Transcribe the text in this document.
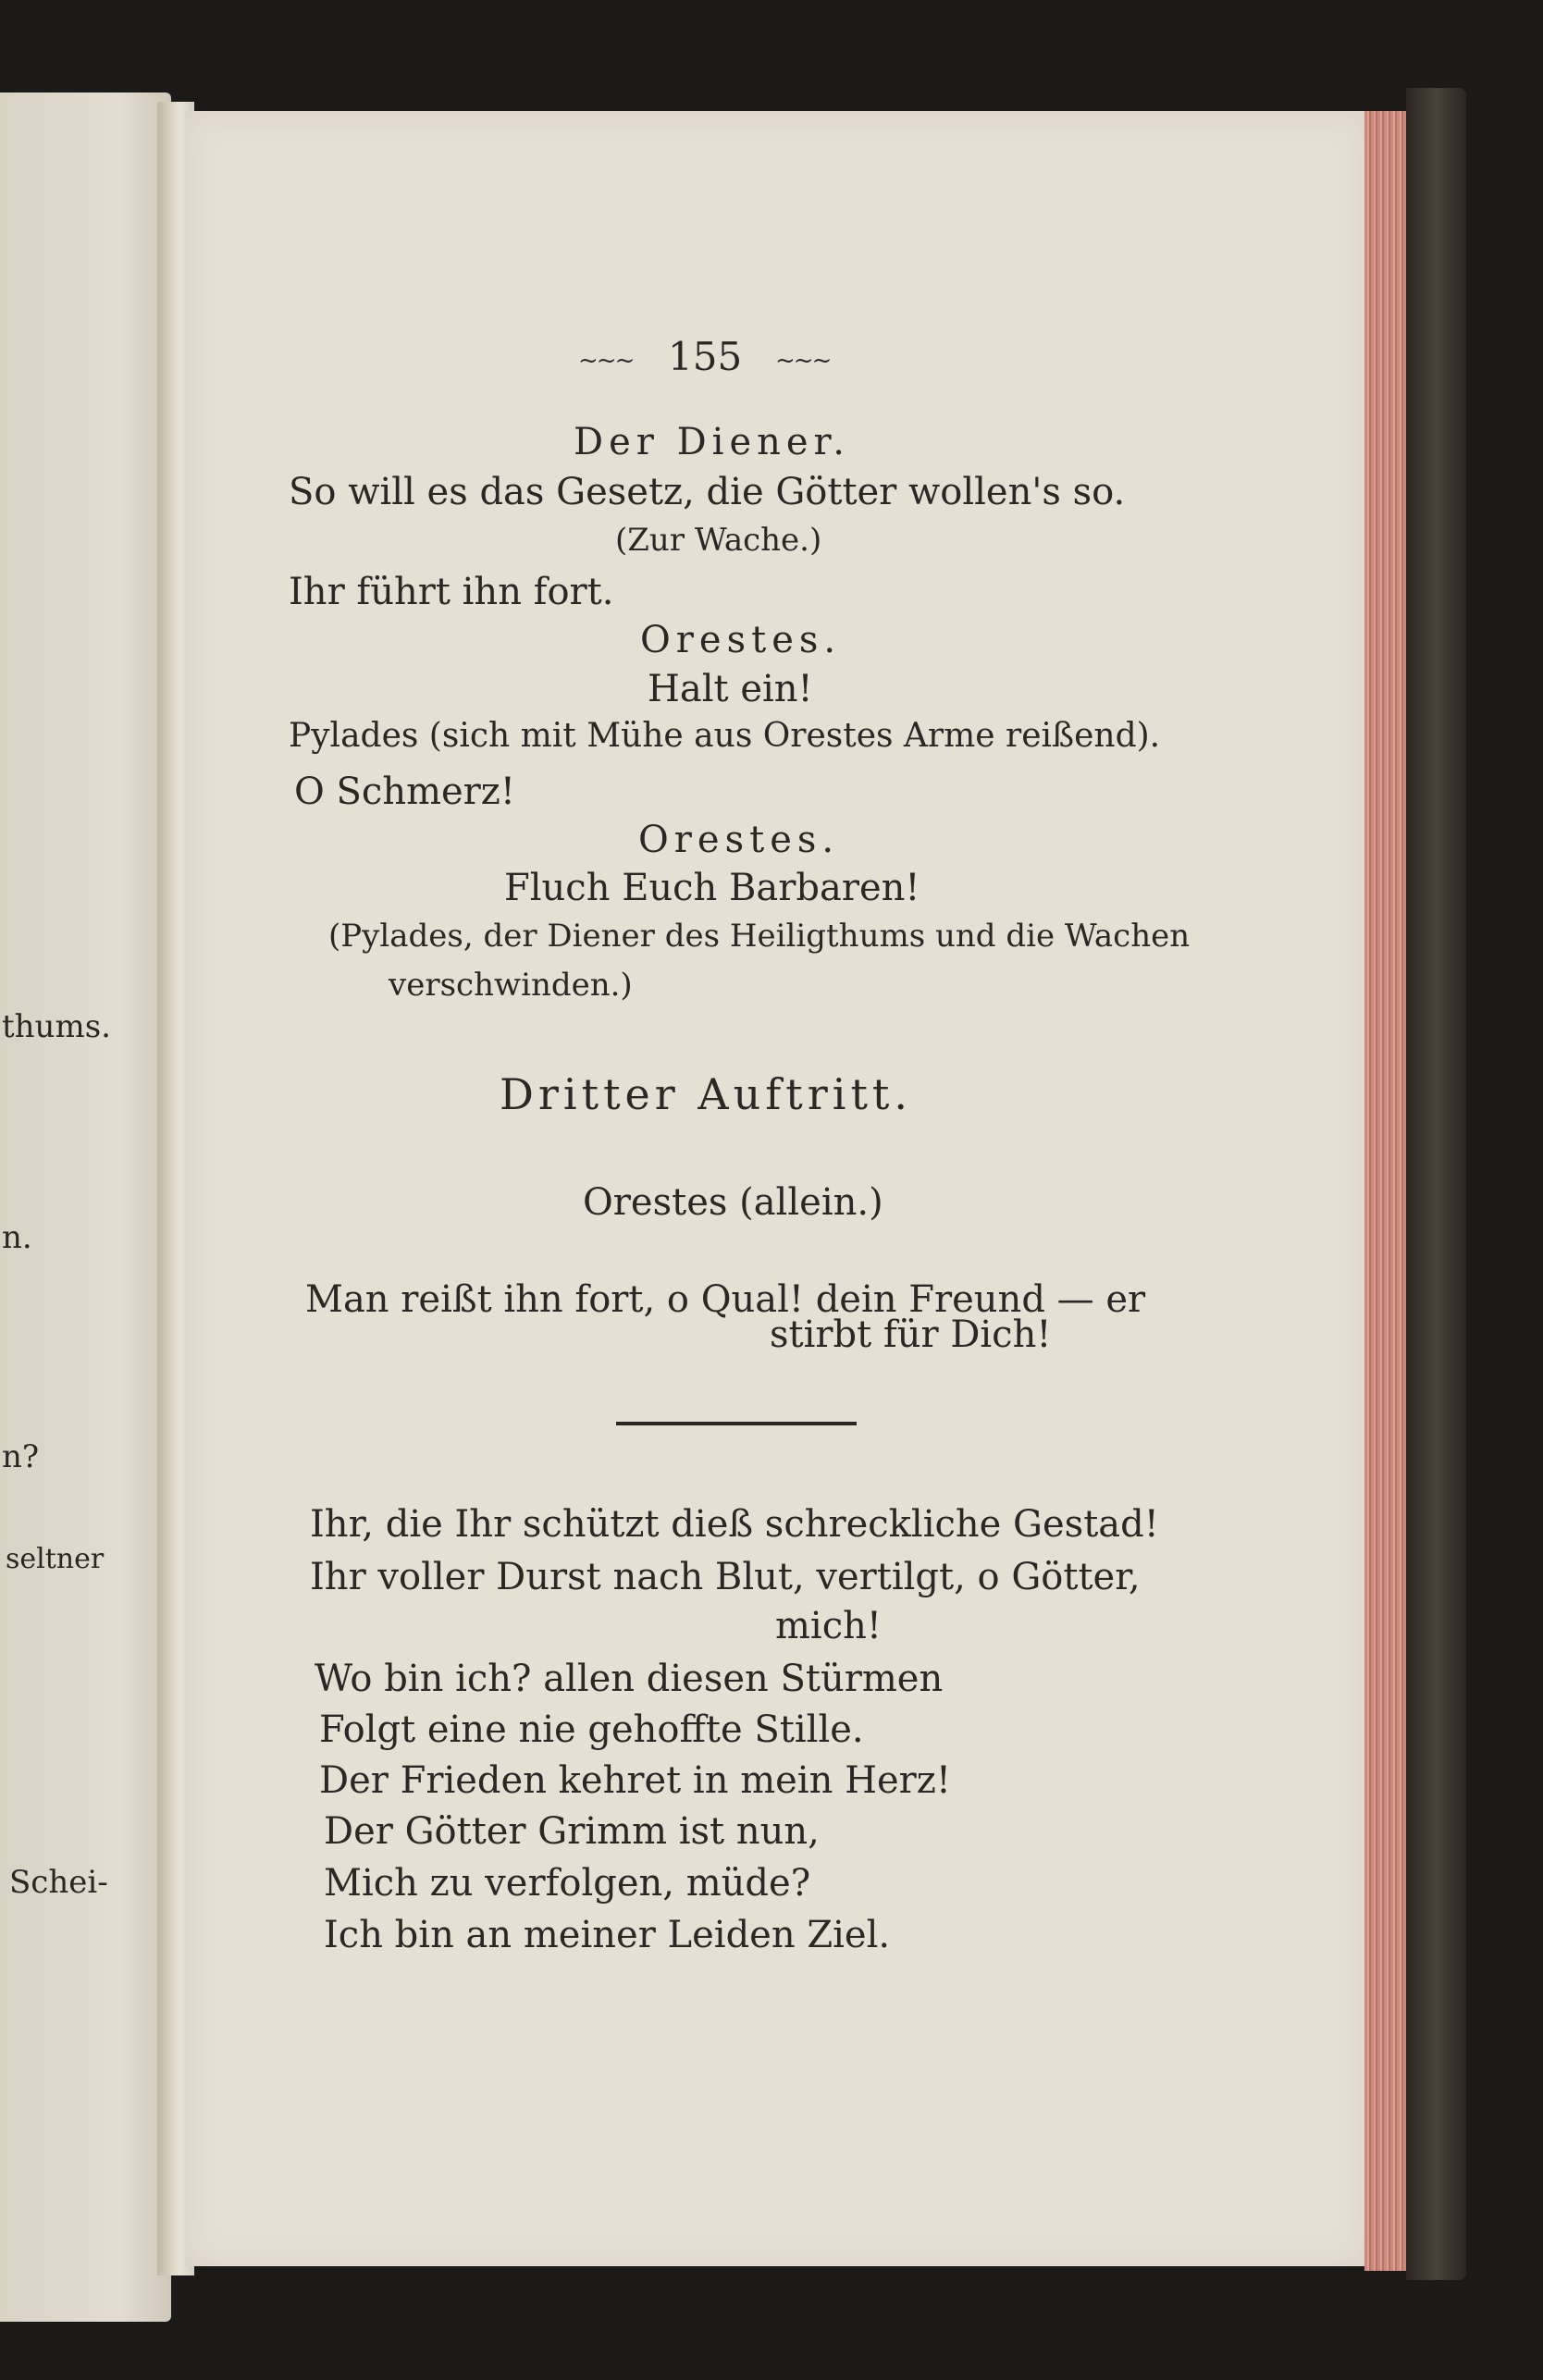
thums.
n.
n?
seltner
Schei-
~~~ 155 ~~~
Der Diener.
So will es das Gesetz, die Götter wollen's so.
(Zur Wache.)
Ihr führt ihn fort.
Orestes.
Halt ein!
Pylades (sich mit Mühe aus Orestes Arme reißend).
O Schmerz!
Orestes.
Fluch Euch Barbaren!
(Pylades, der Diener des Heiligthums und die Wachen
verschwinden.)
Dritter Auftritt.
Orestes (allein.)
Man reißt ihn fort, o Qual! dein Freund — er
stirbt für Dich!
Ihr, die Ihr schützt dieß schreckliche Gestad!
Ihr voller Durst nach Blut, vertilgt, o Götter,
mich!
Wo bin ich? allen diesen Stürmen
Folgt eine nie gehoffte Stille.
Der Frieden kehret in mein Herz!
Der Götter Grimm ist nun,
Mich zu verfolgen, müde?
Ich bin an meiner Leiden Ziel.
